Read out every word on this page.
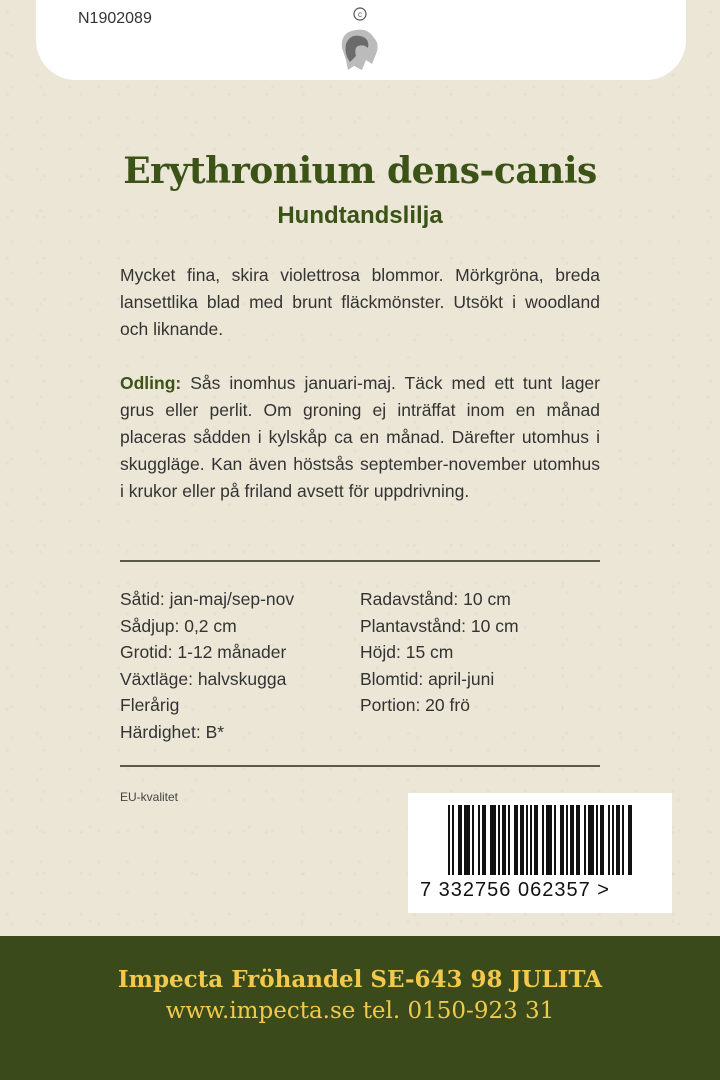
N1902089	c
Erythronium dens-canis
Hundtandslilja
Mycket fina, skira violettrosa blommor. Mörkgröna, breda lansettlika blad med brunt fläckmönster. Utsökt i woodland och liknande.
Odling: Sås inomhus januari-maj. Täck med ett tunt lager grus eller perlit. Om groning ej inträffat inom en månad placeras sådden i kylskåp ca en månad. Därefter utomhus i skuggläge. Kan även höstsås september-november utomhus i krukor eller på friland avsett för uppdrivning.
Såtid: jan-maj/sep-nov
Sådjup: 0,2 cm
Grotid: 1-12 månader
Växtläge: halvskugga
Flerårig
Härdighet: B*
Radavstånd: 10 cm
Plantavstånd: 10 cm
Höjd: 15 cm
Blomtid: april-juni
Portion: 20 frö
EU-kvalitet
7 332756 062357 >
Impecta Fröhandel SE-643 98 JULITA
www.impecta.se tel. 0150-923 31
